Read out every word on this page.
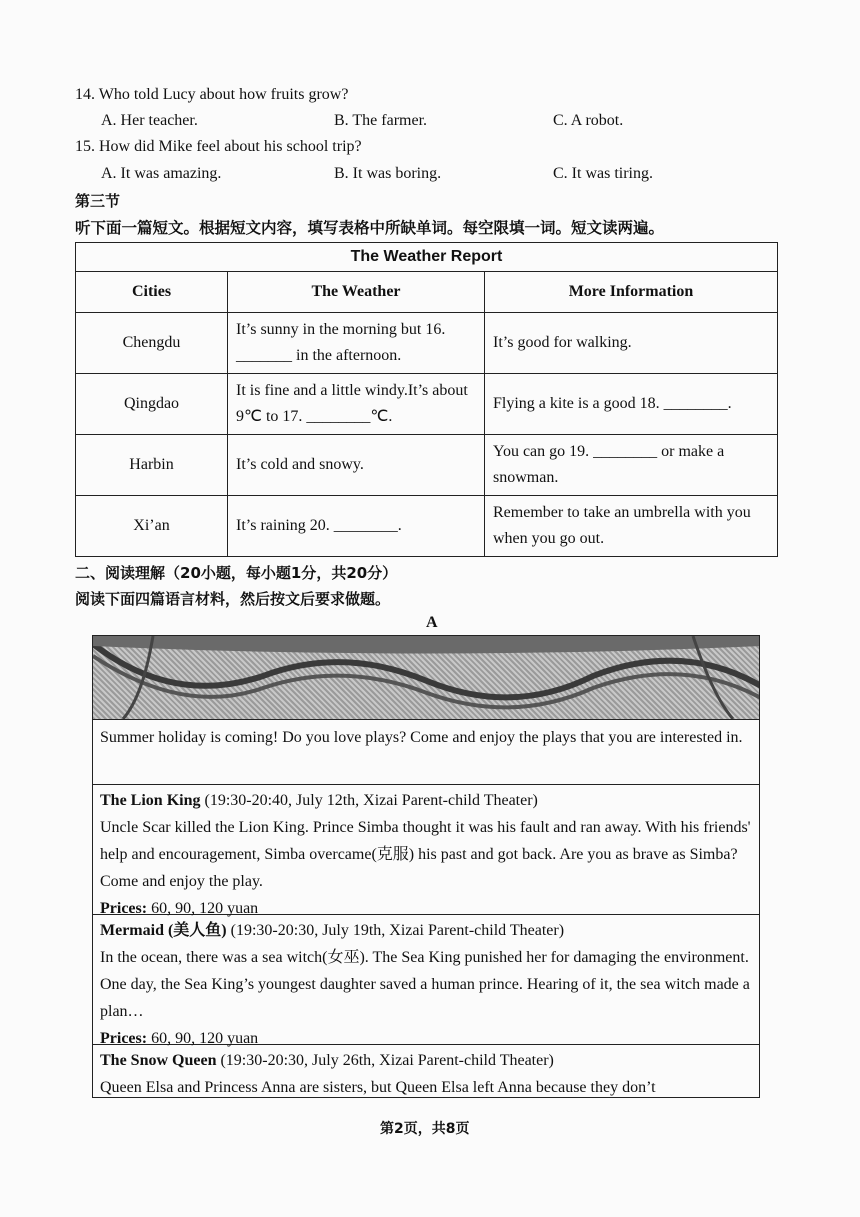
14. Who told Lucy about how fruits grow?
A. Her teacher.	B. The farmer.	C. A robot.
15. How did Mike feel about his school trip?
A. It was amazing.	B. It was boring.	C. It was tiring.
第三节
听下面一篇短文。根据短文内容，填写表格中所缺单词。每空限填一词。短文读两遍。
The Weather Report		
Cities	The Weather	More Information
Chengdu	It’s sunny in the morning but 16. _______ in the afternoon.	It’s good for walking.
Qingdao	It is fine and a little windy.It’s about 9℃ to 17. ________℃.	Flying a kite is a good 18. ________.
Harbin	It’s cold and snowy.	You can go 19. ________ or make a snowman.
Xi’an	It’s raining 20. ________.	Remember to take an umbrella with you when you go out.
二、阅读理解（20小题，每小题1分，共20分）
阅读下面四篇语言材料，然后按文后要求做题。
A
Summer holiday is coming! Do you love plays? Come and enjoy the plays that you are interested in.
The Lion King (19:30-20:40, July 12th, Xizai Parent-child Theater)
Uncle Scar killed the Lion King. Prince Simba thought it was his fault and ran away. With his friends' help and encouragement, Simba overcame(克服) his past and got back. Are you as brave as Simba? Come and enjoy the play.
Prices: 60, 90, 120 yuan
Mermaid (美人鱼) (19:30-20:30, July 19th, Xizai Parent-child Theater)
In the ocean, there was a sea witch(女巫). The Sea King punished her for damaging the environment. One day, the Sea King’s youngest daughter saved a human prince. Hearing of it, the sea witch made a plan…
Prices: 60, 90, 120 yuan
The Snow Queen (19:30-20:30, July 26th, Xizai Parent-child Theater)
Queen Elsa and Princess Anna are sisters, but Queen Elsa left Anna because they don’t
第2页，共8页
